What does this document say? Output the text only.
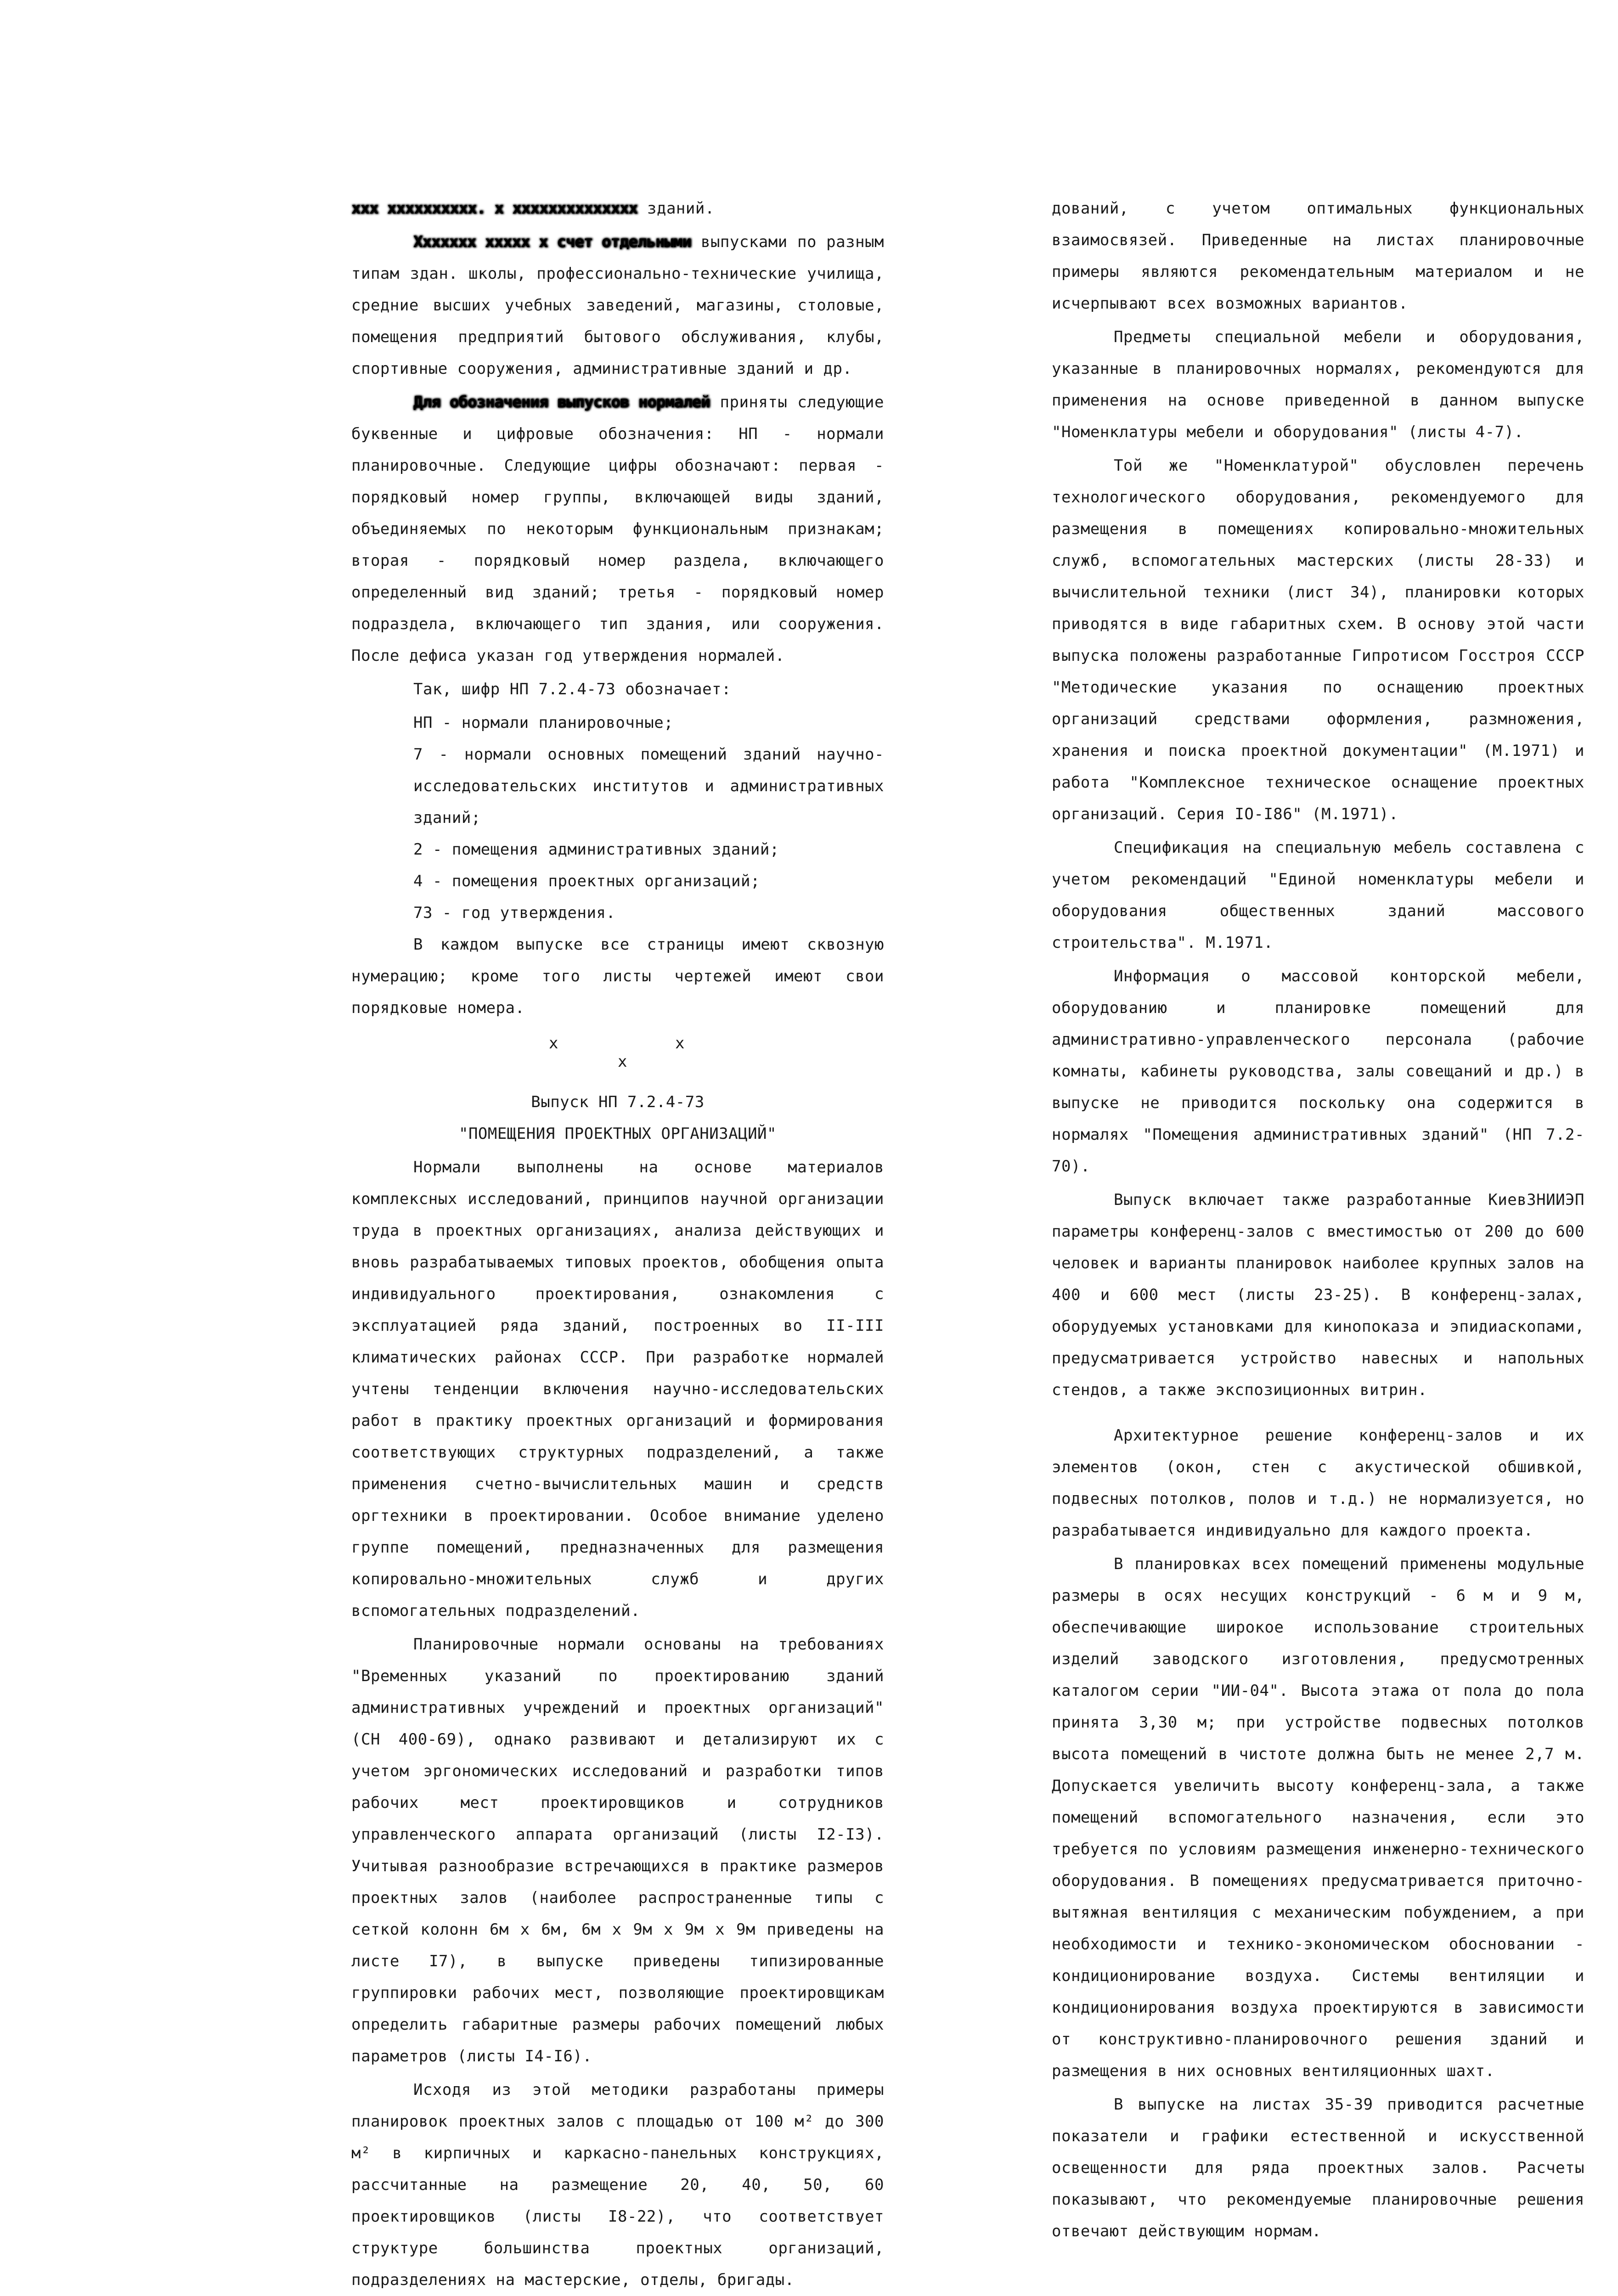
ххх хххххххххх. х хххххххххххххх зданий.

Ххххххх ххххх х счет отдельными выпусками по разным типам здан. школы, профессионально-технические училища, средние высших учебных заведений, магазины, столовые, помещения предприятий бытового обслуживания, клубы, спортивные сооружения, административные зданий и др.

Для обозначения выпусков нормалей приняты следующие буквенные и цифровые обозначения: НП - нормали планировочные. Следующие цифры обозначают: первая - порядковый номер группы, включающей виды зданий, объединяемых по некоторым функциональным признакам; вторая - порядковый номер раздела, включающего определенный вид зданий; третья - порядковый номер подраздела, включающего тип здания, или сооружения. После дефиса указан год утверждения нормалей.

Так, шифр НП 7.2.4-73 обозначает:

НП - нормали планировочные;

7 - нормали основных помещений зданий научно-исследовательских институтов и административных зданий;

2 - помещения административных зданий;

4 - помещения проектных организаций;

73 - год утверждения.

В каждом выпуске все страницы имеют сквозную нумерацию; кроме того листы чертежей имеют свои порядковые номера.

x
x
x

Выпуск НП 7.2.4-73

"ПОМЕЩЕНИЯ ПРОЕКТНЫХ ОРГАНИЗАЦИЙ"

Нормали выполнены на основе материалов комплексных исследований, принципов научной организации труда в проектных организациях, анализа действующих и вновь разрабатываемых типовых проектов, обобщения опыта индивидуального проектирования, ознакомления с эксплуатацией ряда зданий, построенных во II-III климатических районах СССР. При разработке нормалей учтены тенденции включения научно-исследовательских работ в практику проектных организаций и формирования соответствующих структурных подразделений, а также применения счетно-вычислительных машин и средств оргтехники в проектировании. Особое внимание уделено группе помещений, предназначенных для размещения копировально-множительных служб и других вспомогательных подразделений.

Планировочные нормали основаны на требованиях "Временных указаний по проектированию зданий административных учреждений и проектных организаций" (СН 400-69), однако развивают и детализируют их с учетом эргономических исследований и разработки типов рабочих мест проектировщиков и сотрудников управленческого аппарата организаций (листы I2-I3). Учитывая разнообразие встречающихся в практике размеров проектных залов (наиболее распространенные типы с сеткой колонн 6м x 6м, 6м x 9м x 9м x 9м приведены на листе I7), в выпуске приведены типизированные группировки рабочих мест, позволяющие проектировщикам определить габаритные размеры рабочих помещений любых параметров (листы I4-I6).

Исходя из этой методики разработаны примеры планировок проектных залов с площадью от 100 м² до 300 м² в кирпичных и каркасно-панельных конструкциях, рассчитанные на размещение 20, 40, 50, 60 проектировщиков (листы I8-22), что соответствует структуре большинства проектных организаций, подразделениях на мастерские, отделы, бригады.

дований, с учетом оптимальных функциональных взаимосвязей. Приведенные на листах планировочные примеры являются рекомендательным материалом и не исчерпывают всех возможных вариантов.

Предметы специальной мебели и оборудования, указанные в планировочных нормалях, рекомендуются для применения на основе приведенной в данном выпуске "Номенклатуры мебели и оборудования" (листы 4-7).

Той же "Номенклатурой" обусловлен перечень технологического оборудования, рекомендуемого для размещения в помещениях копировально-множительных служб, вспомогательных мастерских (листы 28-33) и вычислительной техники (лист 34), планировки которых приводятся в виде габаритных схем. В основу этой части выпуска положены разработанные Гипротисом Госстроя СССР "Методические указания по оснащению проектных организаций средствами оформления, размножения, хранения и поиска проектной документации" (М.1971) и работа "Комплексное техническое оснащение проектных организаций. Серия IO-I86" (М.1971).

Спецификация на специальную мебель составлена с учетом рекомендаций "Единой номенклатуры мебели и оборудования общественных зданий массового строительства". М.1971.

Информация о массовой конторской мебели, оборудованию и планировке помещений для административно-управленческого персонала (рабочие комнаты, кабинеты руководства, залы совещаний и др.) в выпуске не приводится поскольку она содержится в нормалях "Помещения административных зданий" (НП 7.2-70).

Выпуск включает также разработанные КиевЗНИИЭП параметры конференц-залов с вместимостью от 200 до 600 человек и варианты планировок наиболее крупных залов на 400 и 600 мест (листы 23-25). В конференц-залах, оборудуемых установками для кинопоказа и эпидиаскопами, предусматривается устройство навесных и напольных стендов, а также экспозиционных витрин.

Архитектурное решение конференц-залов и их элементов (окон, стен с акустической обшивкой, подвесных потолков, полов и т.д.) не нормализуется, но разрабатывается индивидуально для каждого проекта.

В планировках всех помещений применены модульные размеры в осях несущих конструкций - 6 м и 9 м, обеспечивающие широкое использование строительных изделий заводского изготовления, предусмотренных каталогом серии "ИИ-04". Высота этажа от пола до пола принята 3,30 м; при устройстве подвесных потолков высота помещений в чистоте должна быть не менее 2,7 м. Допускается увеличить высоту конференц-зала, а также помещений вспомогательного назначения, если это требуется по условиям размещения инженерно-технического оборудования. В помещениях предусматривается приточно-вытяжная вентиляция с механическим побуждением, а при необходимости и технико-экономическом обосновании - кондиционирование воздуха. Системы вентиляции и кондиционирования воздуха проектируются в зависимости от конструктивно-планировочного решения зданий и размещения в них основных вентиляционных шахт.

В выпуске на листах 35-39 приводится расчетные показатели и графики естественной и искусственной освещенности для ряда проектных залов. Расчеты показывают, что рекомендуемые планировочные решения отвечают действующим нормам.
